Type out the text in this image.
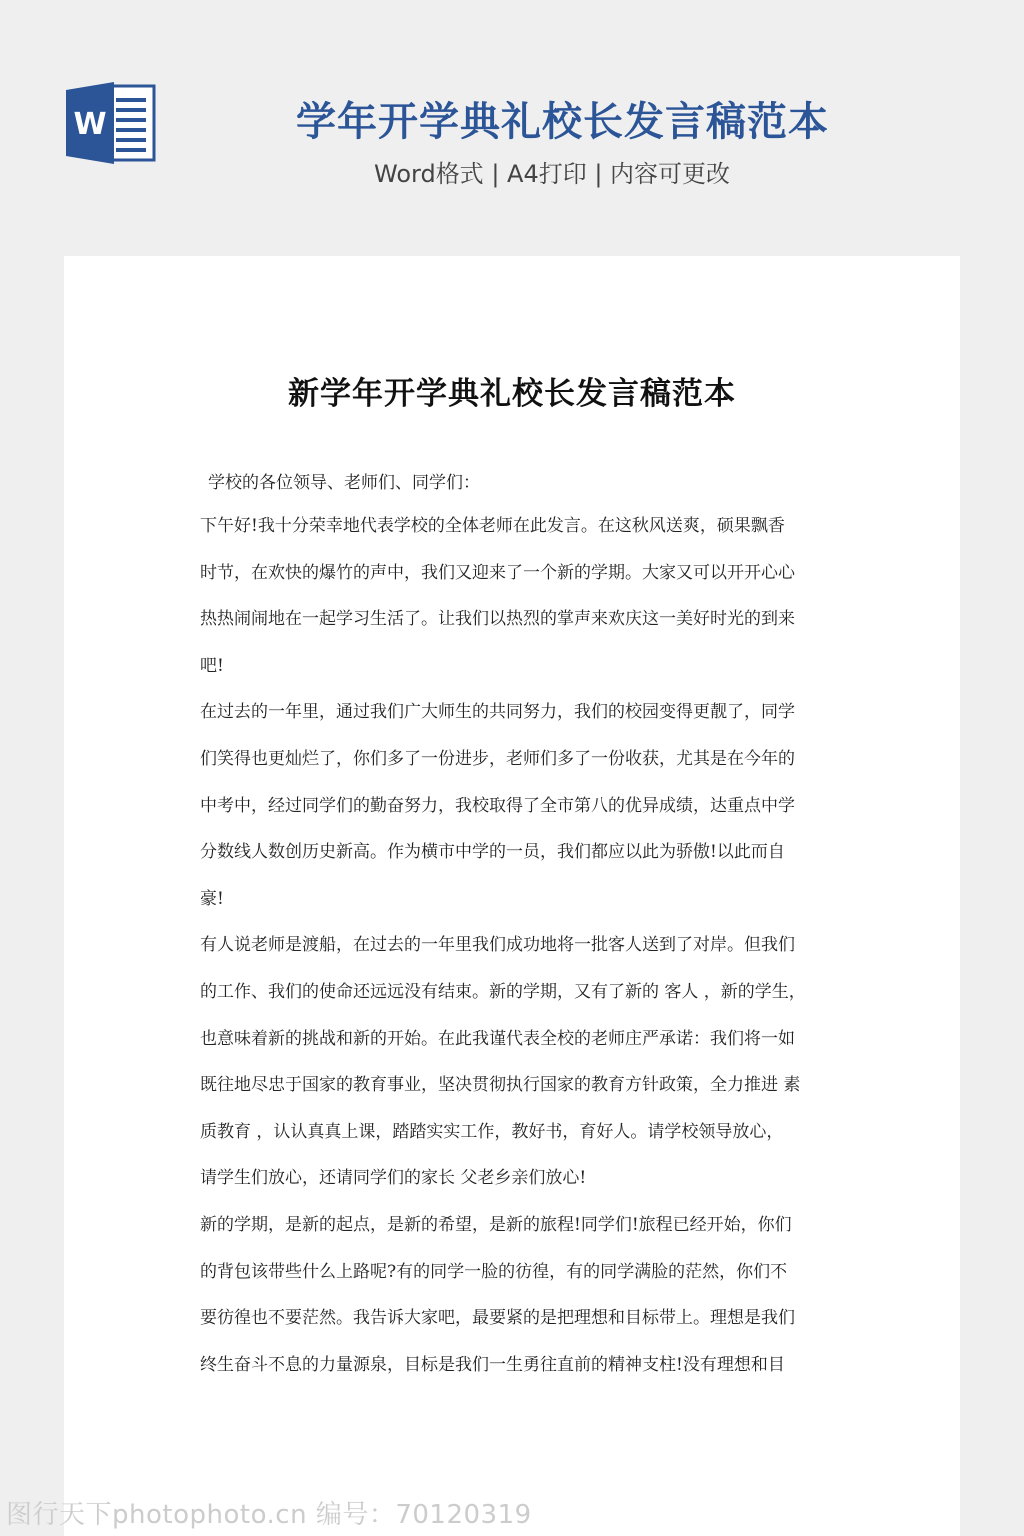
W	学年开学典礼校长发言稿范本
Word格式 | A4打印 | 内容可更改
新学年开学典礼校长发言稿范本
学校的各位领导、老师们、同学们：
下午好!我十分荣幸地代表学校的全体老师在此发言。在这秋风送爽，硕果飘香
时节，在欢快的爆竹的声中，我们又迎来了一个新的学期。大家又可以开开心心
热热闹闹地在一起学习生活了。让我们以热烈的掌声来欢庆这一美好时光的到来
吧!
在过去的一年里，通过我们广大师生的共同努力，我们的校园变得更靓了，同学
们笑得也更灿烂了，你们多了一份进步，老师们多了一份收获，尤其是在今年的
中考中，经过同学们的勤奋努力，我校取得了全市第八的优异成绩，达重点中学
分数线人数创历史新高。作为横市中学的一员，我们都应以此为骄傲!以此而自
豪!
有人说老师是渡船，在过去的一年里我们成功地将一批客人送到了对岸。但我们
的工作、我们的使命还远远没有结束。新的学期，又有了新的 客人 ，新的学生，
也意味着新的挑战和新的开始。在此我谨代表全校的老师庄严承诺：我们将一如
既往地尽忠于国家的教育事业，坚决贯彻执行国家的教育方针政策，全力推进 素
质教育 ，认认真真上课，踏踏实实工作，教好书，育好人。请学校领导放心，
请学生们放心，还请同学们的家长 父老乡亲们放心!
新的学期，是新的起点，是新的希望，是新的旅程!同学们!旅程已经开始，你们
的背包该带些什么上路呢?有的同学一脸的彷徨，有的同学满脸的茫然，你们不
要彷徨也不要茫然。我告诉大家吧，最要紧的是把理想和目标带上。理想是我们
终生奋斗不息的力量源泉，目标是我们一生勇往直前的精神支柱!没有理想和目
图行天下photophoto.cn 编号：70120319
